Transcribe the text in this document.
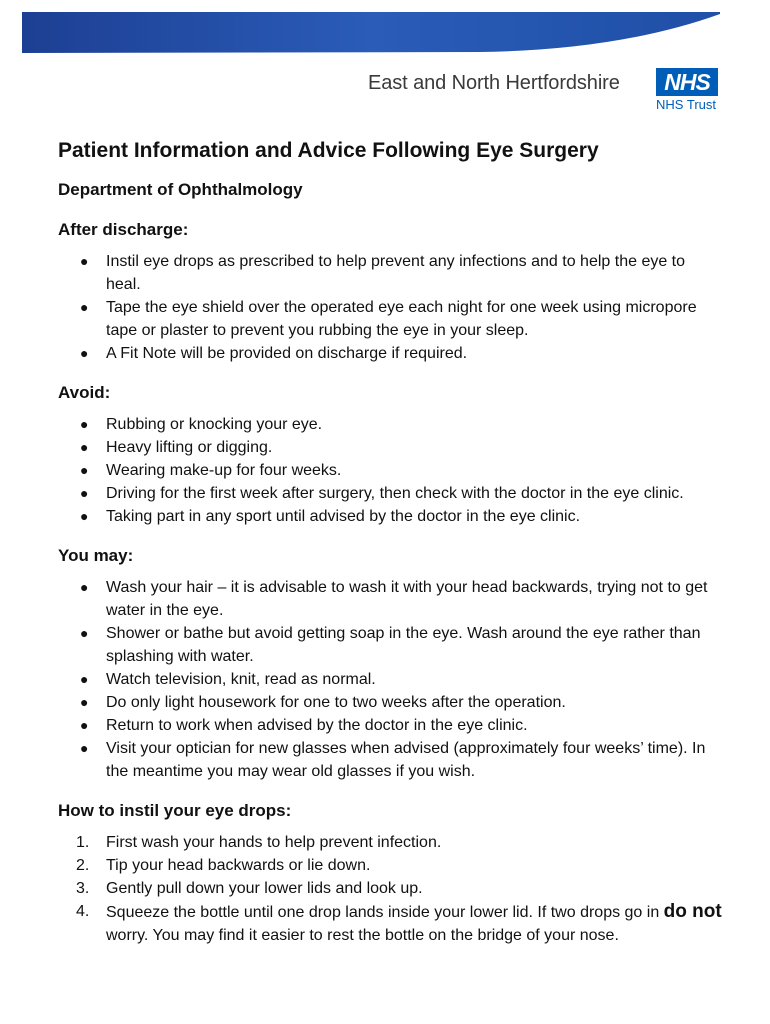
East and North Hertfordshire	NHS
NHS Trust
Patient Information and Advice Following Eye Surgery
Department of Ophthalmology
After discharge:
● Instil eye drops as prescribed to help prevent any infections and to help the eye to heal.
● Tape the eye shield over the operated eye each night for one week using micropore tape or plaster to prevent you rubbing the eye in your sleep.
● A Fit Note will be provided on discharge if required.
Avoid:
● Rubbing or knocking your eye.
● Heavy lifting or digging.
● Wearing make-up for four weeks.
● Driving for the first week after surgery, then check with the doctor in the eye clinic.
● Taking part in any sport until advised by the doctor in the eye clinic.
You may:
● Wash your hair – it is advisable to wash it with your head backwards, trying not to get water in the eye.
● Shower or bathe but avoid getting soap in the eye. Wash around the eye rather than splashing with water.
● Watch television, knit, read as normal.
● Do only light housework for one to two weeks after the operation.
● Return to work when advised by the doctor in the eye clinic.
● Visit your optician for new glasses when advised (approximately four weeks’ time). In the meantime you may wear old glasses if you wish.
How to instil your eye drops:
1. First wash your hands to help prevent infection.
2. Tip your head backwards or lie down.
3. Gently pull down your lower lids and look up.
4. Squeeze the bottle until one drop lands inside your lower lid. If two drops go in do not worry. You may find it easier to rest the bottle on the bridge of your nose.
